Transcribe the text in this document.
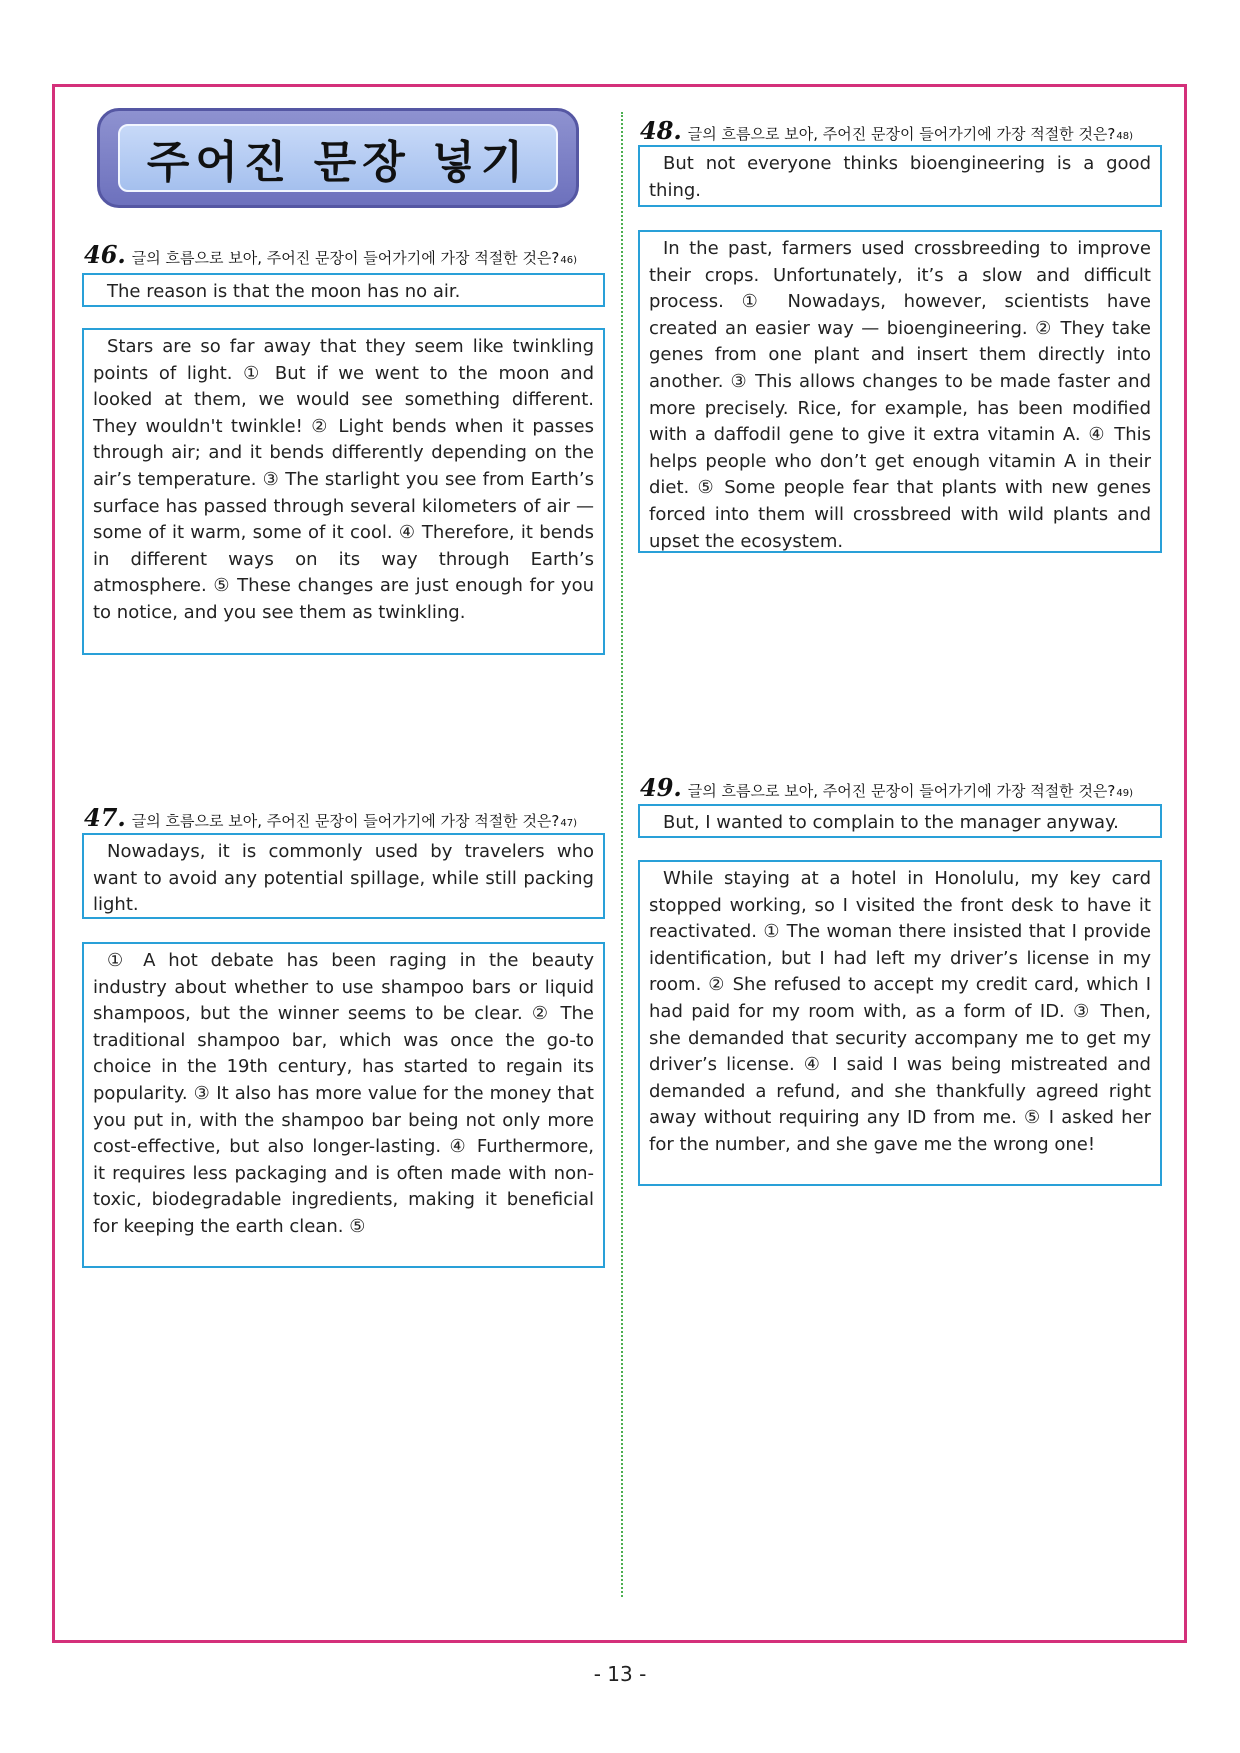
주어진 문장 넣기
46. 글의 흐름으로 보아, 주어진 문장이 들어가기에 가장 적절한 것은? 46)

The reason is that the moon has no air.

Stars are so far away that they seem like twinkling points of light. ① But if we went to the moon and looked at them, we would see something different. They wouldn't twinkle! ② Light bends when it passes through air; and it bends differently depending on the air’s temperature. ③ The starlight you see from Earth’s surface has passed through several kilometers of air — some of it warm, some of it cool. ④ Therefore, it bends in different ways on its way through Earth’s atmosphere. ⑤ These changes are just enough for you to notice, and you see them as twinkling.

47. 글의 흐름으로 보아, 주어진 문장이 들어가기에 가장 적절한 것은? 47)

Nowadays, it is commonly used by travelers who want to avoid any potential spillage, while still packing light.

① A hot debate has been raging in the beauty industry about whether to use shampoo bars or liquid shampoos, but the winner seems to be clear. ② The traditional shampoo bar, which was once the go-to choice in the 19th century, has started to regain its popularity. ③ It also has more value for the money that you put in, with the shampoo bar being not only more cost-effective, but also longer-lasting. ④ Furthermore, it requires less packaging and is often made with non-toxic, biodegradable ingredients, making it beneficial for keeping the earth clean. ⑤

48. 글의 흐름으로 보아, 주어진 문장이 들어가기에 가장 적절한 것은? 48)

But not everyone thinks bioengineering is a good thing.

In the past, farmers used crossbreeding to improve their crops. Unfortunately, it’s a slow and difficult process. ① Nowadays, however, scientists have created an easier way — bioengineering. ② They take genes from one plant and insert them directly into another. ③ This allows changes to be made faster and more precisely. Rice, for example, has been modified with a daffodil gene to give it extra vitamin A. ④ This helps people who don’t get enough vitamin A in their diet. ⑤ Some people fear that plants with new genes forced into them will crossbreed with wild plants and upset the ecosystem.

49. 글의 흐름으로 보아, 주어진 문장이 들어가기에 가장 적절한 것은? 49)

But, I wanted to complain to the manager anyway.

While staying at a hotel in Honolulu, my key card stopped working, so I visited the front desk to have it reactivated. ① The woman there insisted that I provide identification, but I had left my driver’s license in my room. ② She refused to accept my credit card, which I had paid for my room with, as a form of ID. ③ Then, she demanded that security accompany me to get my driver’s license. ④ I said I was being mistreated and demanded a refund, and she thankfully agreed right away without requiring any ID from me. ⑤ I asked her for the number, and she gave me the wrong one!

- 13 -
